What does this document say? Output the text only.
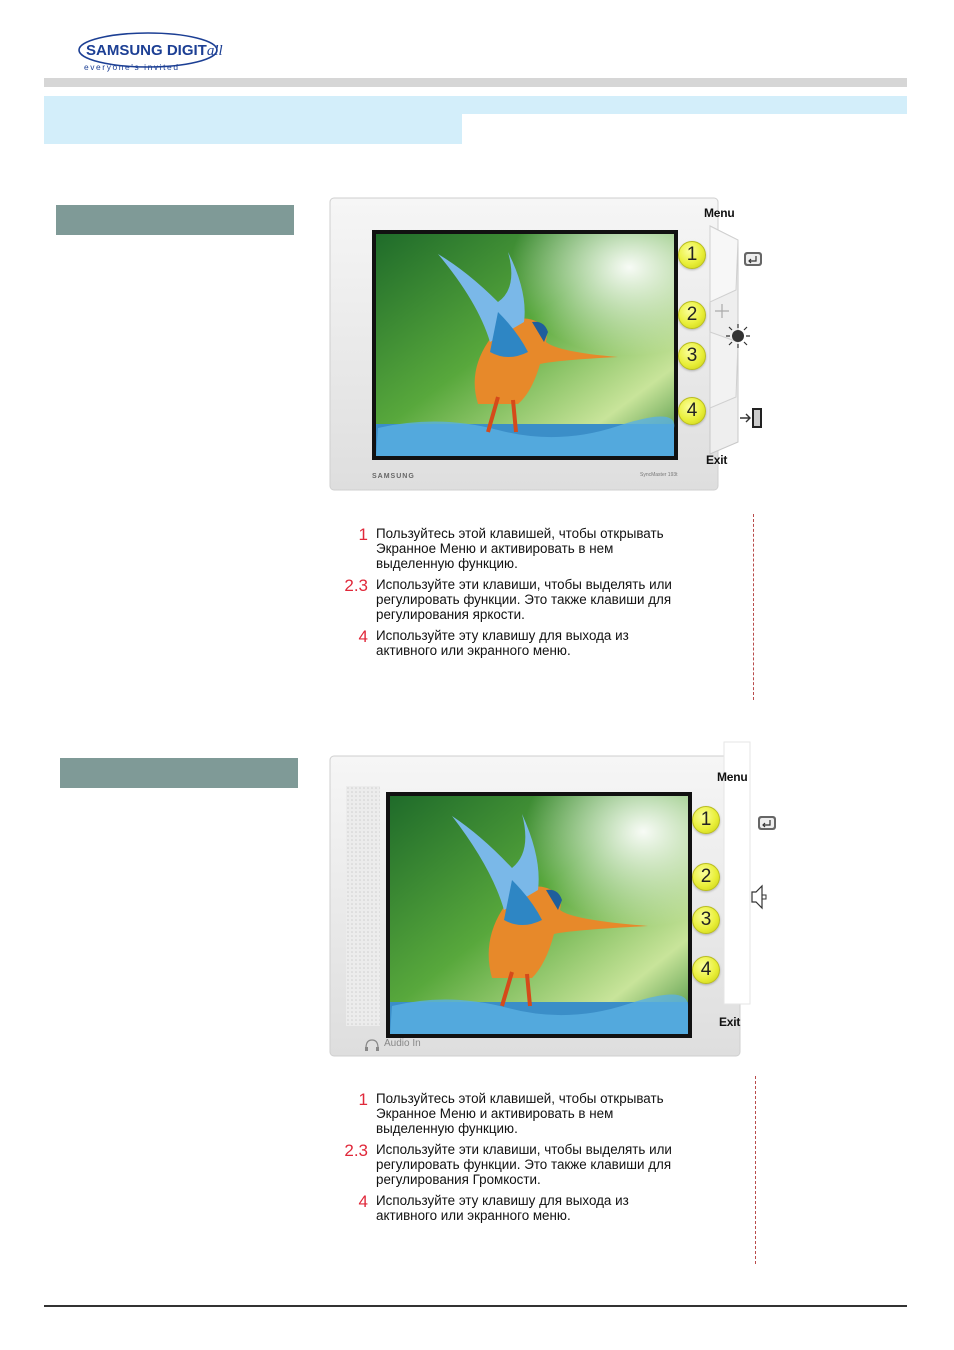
SAMSUNG DIGITall
everyone's invited
SAMSUNG
Menu
Exit
1
2
3
4
SyncMaster 193t
1 Пользуйтесь этой клавишей, чтобы открывать
Экранное Меню и активировать в нем
выделенную функцию.
2.3 Используйте эти клавиши, чтобы выделять или
регулировать функции. Это также клавиши для
регулирования яркости.
4 Используйте эту клавишу для выхода из
активного или экранного меню.
Menu
Exit
1
2
3
4
Audio In
1 Пользуйтесь этой клавишей, чтобы открывать
Экранное Меню и активировать в нем
выделенную функцию.
2.3 Используйте эти клавиши, чтобы выделять или
регулировать функции. Это также клавиши для
регулирования Громкости.
4 Используйте эту клавишу для выхода из
активного или экранного меню.
